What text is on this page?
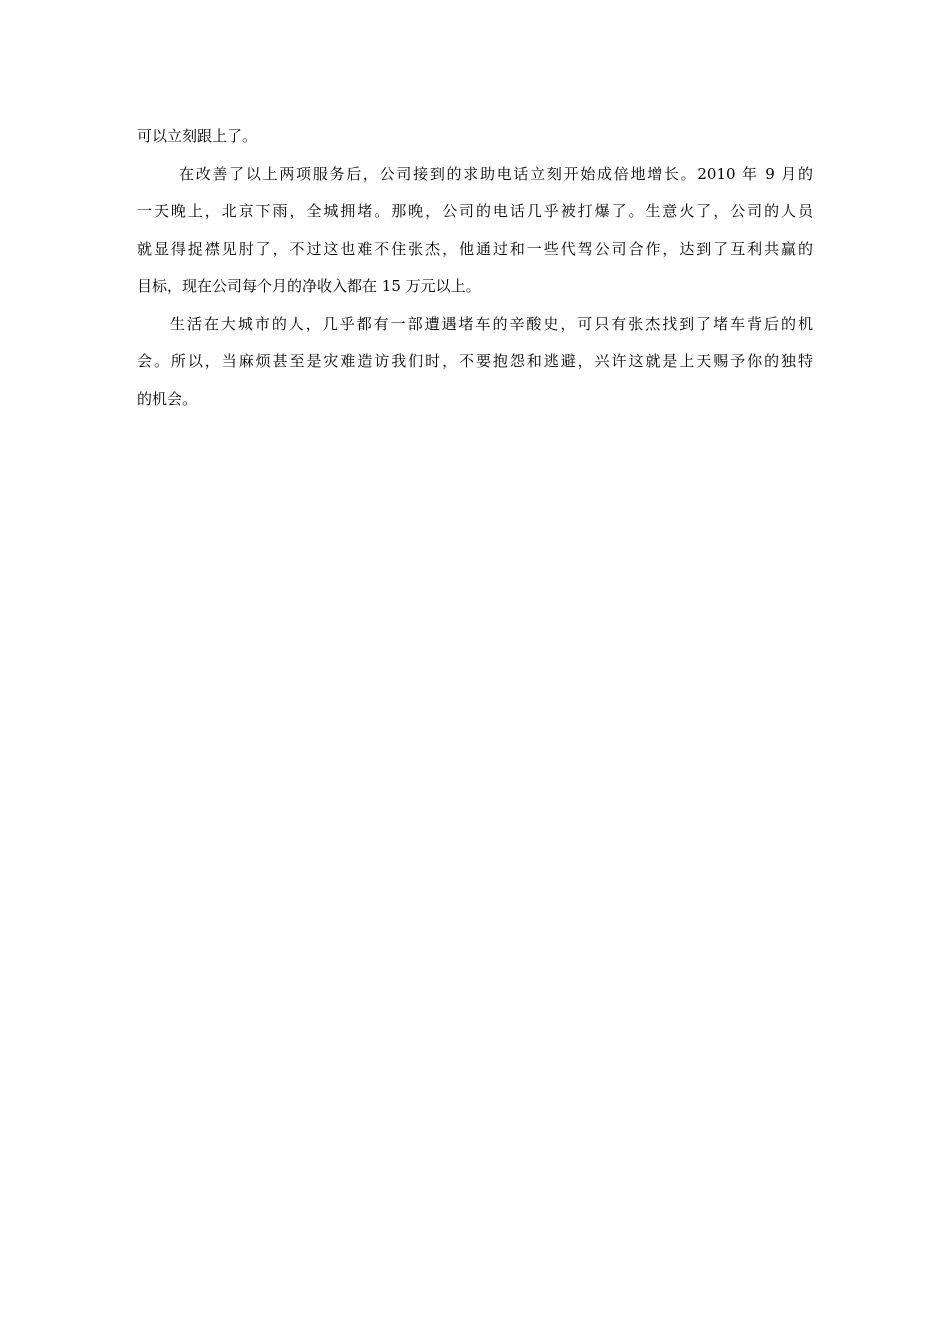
可以立刻跟上了。
在改善了以上两项服务后，公司接到的求助电话立刻开始成倍地增长。2010 年 9 月的
一天晚上，北京下雨，全城拥堵。那晚，公司的电话几乎被打爆了。生意火了，公司的人员
就显得捉襟见肘了，不过这也难不住张杰，他通过和一些代驾公司合作，达到了互利共赢的
目标，现在公司每个月的净收入都在 15 万元以上。
生活在大城市的人，几乎都有一部遭遇堵车的辛酸史，可只有张杰找到了堵车背后的机
会。所以，当麻烦甚至是灾难造访我们时，不要抱怨和逃避，兴许这就是上天赐予你的独特
的机会。
